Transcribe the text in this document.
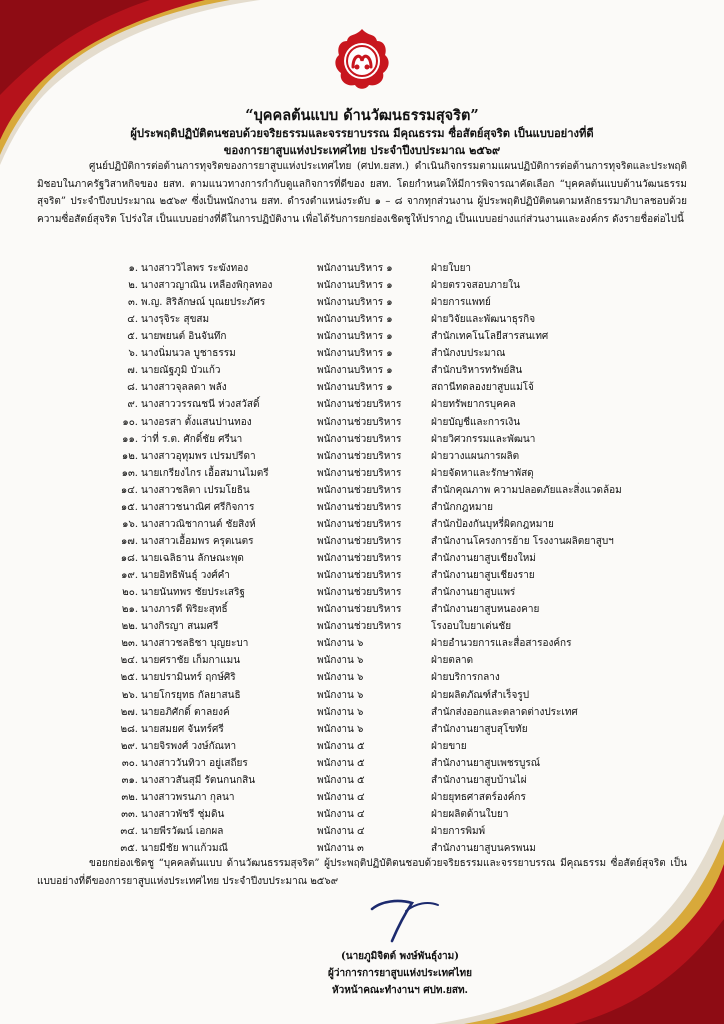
“บุคคลต้นแบบ ด้านวัฒนธรรมสุจริต”
ผู้ประพฤติปฏิบัติตนชอบด้วยจริยธรรมและจรรยาบรรณ มีคุณธรรม ซื่อสัตย์สุจริต เป็นแบบอย่างที่ดี
ของการยาสูบแห่งประเทศไทย ประจำปีงบประมาณ ๒๕๖๙
ศูนย์ปฏิบัติการต่อต้านการทุจริตของการยาสูบแห่งประเทศไทย (ศปท.ยสท.) ดำเนินกิจกรรมตามแผนปฏิบัติการต่อต้านการทุจริตและประพฤติมิชอบในภาครัฐวิสาหกิจของ ยสท. ตามแนวทางการกำกับดูแลกิจการที่ดีของ ยสท. โดยกำหนดให้มีการพิจารณาคัดเลือก “บุคคลต้นแบบด้านวัฒนธรรมสุจริต” ประจำปีงบประมาณ ๒๕๖๙ ซึ่งเป็นพนักงาน ยสท. ดำรงตำแหน่งระดับ ๑ – ๘ จากทุกส่วนงาน ผู้ประพฤติปฏิบัติตนตามหลักธรรมาภิบาลชอบด้วยความซื่อสัตย์สุจริต โปร่งใส เป็นแบบอย่างที่ดีในการปฏิบัติงาน เพื่อได้รับการยกย่องเชิดชูให้ปรากฏ เป็นแบบอย่างแก่ส่วนงานและองค์กร ดังรายชื่อต่อไปนี้
๑. นางสาววิไลพร ระฆังทอง	พนักงานบริหาร ๑	ฝ่ายใบยา
๒. นางสาวญาณิน เหลืองพิกุลทอง	พนักงานบริหาร ๑	ฝ่ายตรวจสอบภายใน
๓. พ.ญ. สิริลักษณ์ บุณยประภัศร	พนักงานบริหาร ๑	ฝ่ายการแพทย์
๔. นางรุจิระ สุขสม	พนักงานบริหาร ๑	ฝ่ายวิจัยและพัฒนาธุรกิจ
๕. นายพยนต์ อินจันทึก	พนักงานบริหาร ๑	สำนักเทคโนโลยีสารสนเทศ
๖. นางนิ่มนวล บูชาธรรม	พนักงานบริหาร ๑	สำนักงบประมาณ
๗. นายณัฐภูมิ บัวแก้ว	พนักงานบริหาร ๑	สำนักบริหารทรัพย์สิน
๘. นางสาวจุลลดา พลัง	พนักงานบริหาร ๑	สถานีทดลองยาสูบแม่โจ้
๙. นางสาววรรณชนี ห่วงสวัสดิ์	พนักงานช่วยบริหาร	ฝ่ายทรัพยากรบุคคล
๑๐. นางอรสา ตั้งแสนปานทอง	พนักงานช่วยบริหาร	ฝ่ายบัญชีและการเงิน
๑๑. ว่าที่ ร.ต. ศักดิ์ชัย ศรีนา	พนักงานช่วยบริหาร	ฝ่ายวิศวกรรมและพัฒนา
๑๒. นางสาวอุทุมพร เปรมปรีดา	พนักงานช่วยบริหาร	ฝ่ายวางแผนการผลิต
๑๓. นายเกรียงไกร เอื้อสมานไมตรี	พนักงานช่วยบริหาร	ฝ่ายจัดหาและรักษาพัสดุ
๑๔. นางสาวชลิตา เปรมโยธิน	พนักงานช่วยบริหาร	สำนักคุณภาพ ความปลอดภัยและสิ่งแวดล้อม
๑๕. นางสาวชนาณิศ ศรีกิจการ	พนักงานช่วยบริหาร	สำนักกฎหมาย
๑๖. นางสาวณิชากานต์ ชัยสิงห์	พนักงานช่วยบริหาร	สำนักป้องกันบุหรี่ผิดกฎหมาย
๑๗. นางสาวเอื้อมพร ครุตเนตร	พนักงานช่วยบริหาร	สำนักงานโครงการย้าย โรงงานผลิตยาสูบฯ
๑๘. นายเฉลิธาน ลักษณะพุด	พนักงานช่วยบริหาร	สำนักงานยาสูบเชียงใหม่
๑๙. นายอิทธิพันธุ์ วงศ์คำ	พนักงานช่วยบริหาร	สำนักงานยาสูบเชียงราย
๒๐. นายนันทพร ชัยประเสริฐ	พนักงานช่วยบริหาร	สำนักงานยาสูบแพร่
๒๑. นางภารดี พิริยะสุทธิ์	พนักงานช่วยบริหาร	สำนักงานยาสูบหนองคาย
๒๒. นางกิรญา สนมศรี	พนักงานช่วยบริหาร	โรงอบใบยาเด่นชัย
๒๓. นางสาวชลธิชา บุญยะบา	พนักงาน ๖	ฝ่ายอำนวยการและสื่อสารองค์กร
๒๔. นายศราชัย เก็มกาแมน	พนักงาน ๖	ฝ่ายตลาด
๒๕. นายปรามินทร์ ฤกษ์ศิริ	พนักงาน ๖	ฝ่ายบริการกลาง
๒๖. นายโกรยุทธ กัลยาสนธิ	พนักงาน ๖	ฝ่ายผลิตภัณฑ์สำเร็จรูป
๒๗. นายอภิศักดิ์ ตาลยงค์	พนักงาน ๖	สำนักส่งออกและตลาดต่างประเทศ
๒๘. นายสมยศ จันทร์ศรี	พนักงาน ๖	สำนักงานยาสูบสุโขทัย
๒๙. นายจิรพงศ์ วงษ์กัณหา	พนักงาน ๕	ฝ่ายขาย
๓๐. นางสาววันทิวา อยู่เสถียร	พนักงาน ๕	สำนักงานยาสูบเพชรบูรณ์
๓๑. นางสาวสันสุมี รัตนกนกสิน	พนักงาน ๕	สำนักงานยาสูบบ้านไผ่
๓๒. นางสาวพรนภา กุลนา	พนักงาน ๔	ฝ่ายยุทธศาสตร์องค์กร
๓๓. นางสาวพัชรี ชุ่มดิน	พนักงาน ๔	ฝ่ายผลิตด้านใบยา
๓๔. นายพีรวัฒน์ เอกผล	พนักงาน ๔	ฝ่ายการพิมพ์
๓๕. นายมีชัย พาแก้วมณี	พนักงาน ๓	สำนักงานยาสูบนครพนม
ขอยกย่องเชิดชู “บุคคลต้นแบบ ด้านวัฒนธรรมสุจริต” ผู้ประพฤติปฏิบัติตนชอบด้วยจริยธรรมและจรรยาบรรณ มีคุณธรรม ซื่อสัตย์สุจริต เป็นแบบอย่างที่ดีของการยาสูบแห่งประเทศไทย ประจำปีงบประมาณ ๒๕๖๙
(นายภูมิจิตต์ พงษ์พันธุ์งาม)
ผู้ว่าการการยาสูบแห่งประเทศไทย
หัวหน้าคณะทำงานฯ ศปท.ยสท.
